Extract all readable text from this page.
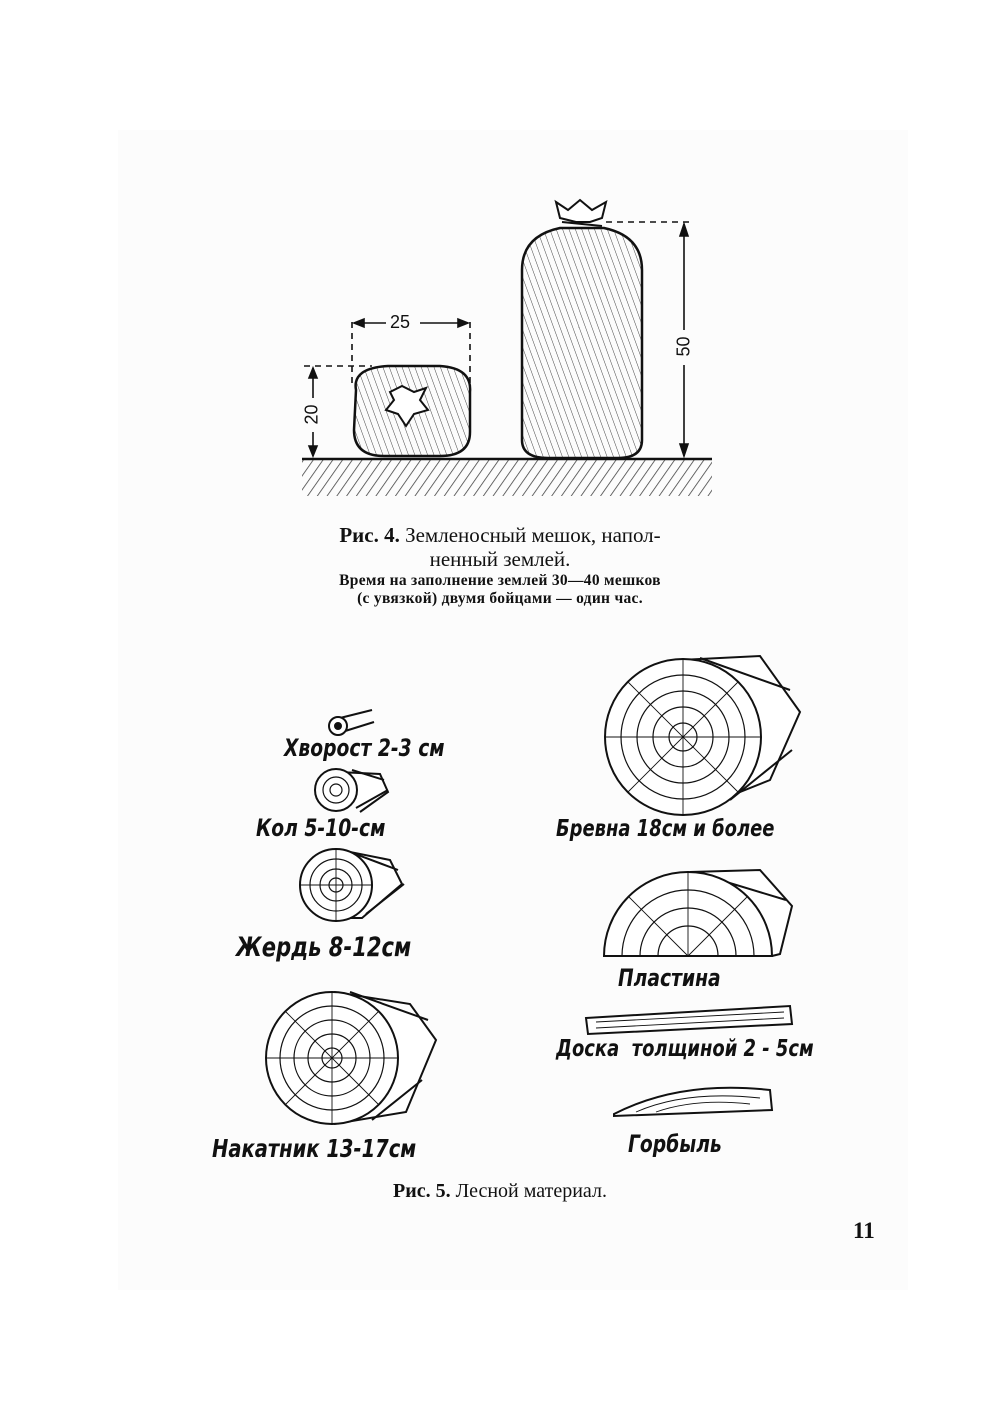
25
20
50
Рис. 4. Земленосный мешок, напол-
ненный землей.
Время на заполнение землей 30—40 мешков
(с увязкой) двумя бойцами — один час.
Хворост 2-3 см
Кол 5-10-см
Жердь 8-12см
Накатник 13-17см
Бревна 18см и более
Пластина
Доска  толщиной 2 - 5см
Горбыль
Рис. 5. Лесной материал.
11
